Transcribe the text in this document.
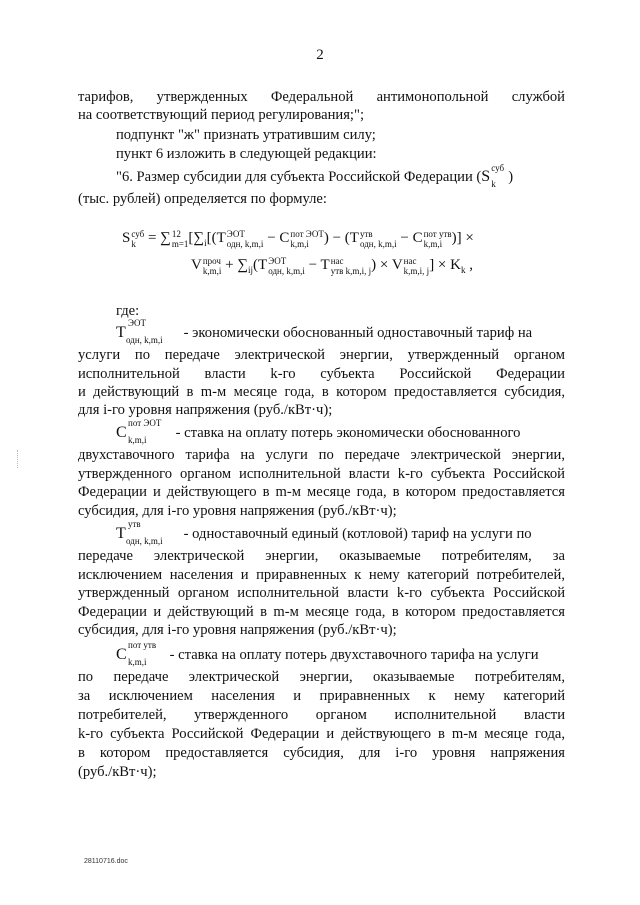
2
тарифов, утвержденных Федеральной антимонопольной службой
на соответствующий период регулирования;";
подпункт "ж" признать утратившим силу;
пункт 6 изложить в следующей редакции:
"6. Размер субсидии для субъекта Российской Федерации (S суб
k )
(тыс. рублей) определяется по формуле:
S суб
k = ∑ 12
m=1 [$\sum_i[(T$ ЭОТ
одн, k,m,i − C пот ЭОТ
k,m,i ) − (T утв
одн, k,m,i − C пот утв
k,m,i )] ×
V проч
$k,m,i + \sum_{ij}(T$ ЭОТ
одн, k,m,i − T нас
утв k,m,i, j ) × V нас
k,m,i, j ] × $K_k$ ,
где:
T
ЭОТ
одн, k,m,i - экономически обоснованный одноставочный тариф на
услуги по передаче электрической энергии, утвержденный органом
исполнительной власти k-го субъекта Российской Федерации
и действующий в m-м месяце года, в котором предоставляется субсидия,
для i-го уровня напряжения (руб./кВт·ч);
C
пот ЭОТ
k,m,i - ставка на оплату потерь экономически обоснованного
двухставочного тарифа на услуги по передаче электрической энергии,
утвержденного органом исполнительной власти k-го субъекта Российской
Федерации и действующего в m-м месяце года, в котором предоставляется
субсидия, для i-го уровня напряжения (руб./кВт·ч);
T
утв
одн, k,m,i - одноставочный единый (котловой) тариф на услуги по
передаче электрической энергии, оказываемые потребителям, за
исключением населения и приравненных к нему категорий потребителей,
утвержденный органом исполнительной власти k-го субъекта Российской
Федерации и действующий в m-м месяце года, в котором предоставляется
субсидия, для i-го уровня напряжения (руб./кВт·ч);
C
пот утв
k,m,i - ставка на оплату потерь двухставочного тарифа на услуги
по передаче электрической энергии, оказываемые потребителям,
за исключением населения и приравненных к нему категорий
потребителей, утвержденного органом исполнительной власти
k-го субъекта Российской Федерации и действующего в m-м месяце года,
в котором предоставляется субсидия, для i-го уровня напряжения
(руб./кВт·ч);
28110716.doc
